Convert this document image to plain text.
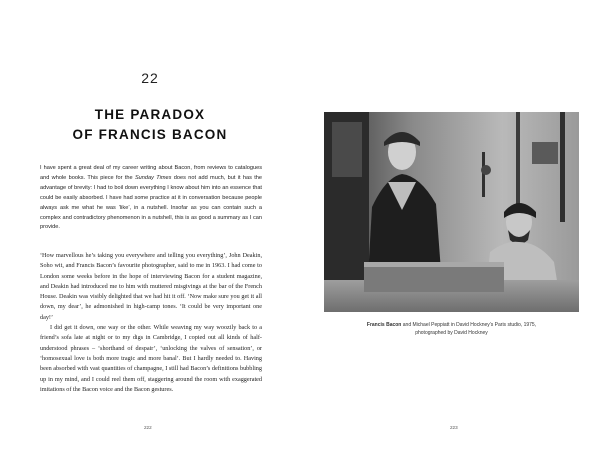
22
THE PARADOX
OF FRANCIS BACON
I have spent a great deal of my career writing about Bacon, from reviews to catalogues and whole books. This piece for the Sunday Times does not add much, but it has the advantage of brevity: I had to boil down everything I know about him into an essence that could be easily absorbed. I have had some practice at it in conversation because people always ask me what he was ‘like’, in a nutshell. Insofar as you can contain such a complex and contradictory phenomenon in a nutshell, this is as good a summary as I can provide.

‘How marvellous he’s taking you everywhere and telling you everything’, John Deakin, Soho wit, and Francis Bacon’s favourite photographer, said to me in 1963. I had come to London some weeks before in the hope of interviewing Bacon for a student magazine, and Deakin had introduced me to him with muttered misgivings at the bar of the French House. Deakin was visibly delighted that we had hit it off. ‘Now make sure you get it all down, my dear’, he admonished in high-camp tones. ‘It could be very important one day!’

I did get it down, one way or the other. While weaving my way woozily back to a friend’s sofa late at night or to my digs in Cambridge, I copied out all kinds of half-understood phrases – ‘shorthand of despair’, ‘unlocking the valves of sensation’, or ‘homosexual love is both more tragic and more banal’. But I hardly needed to. Having been absorbed with vast quantities of champagne, I still had Bacon’s definitions bubbling up in my mind, and I could reel them off, staggering around the room with exaggerated imitations of the Bacon voice and the Bacon gestures.

222
Francis Bacon and Michael Peppiatt in David Hockney’s Paris studio, 1975,
photographed by David Hockney
223
